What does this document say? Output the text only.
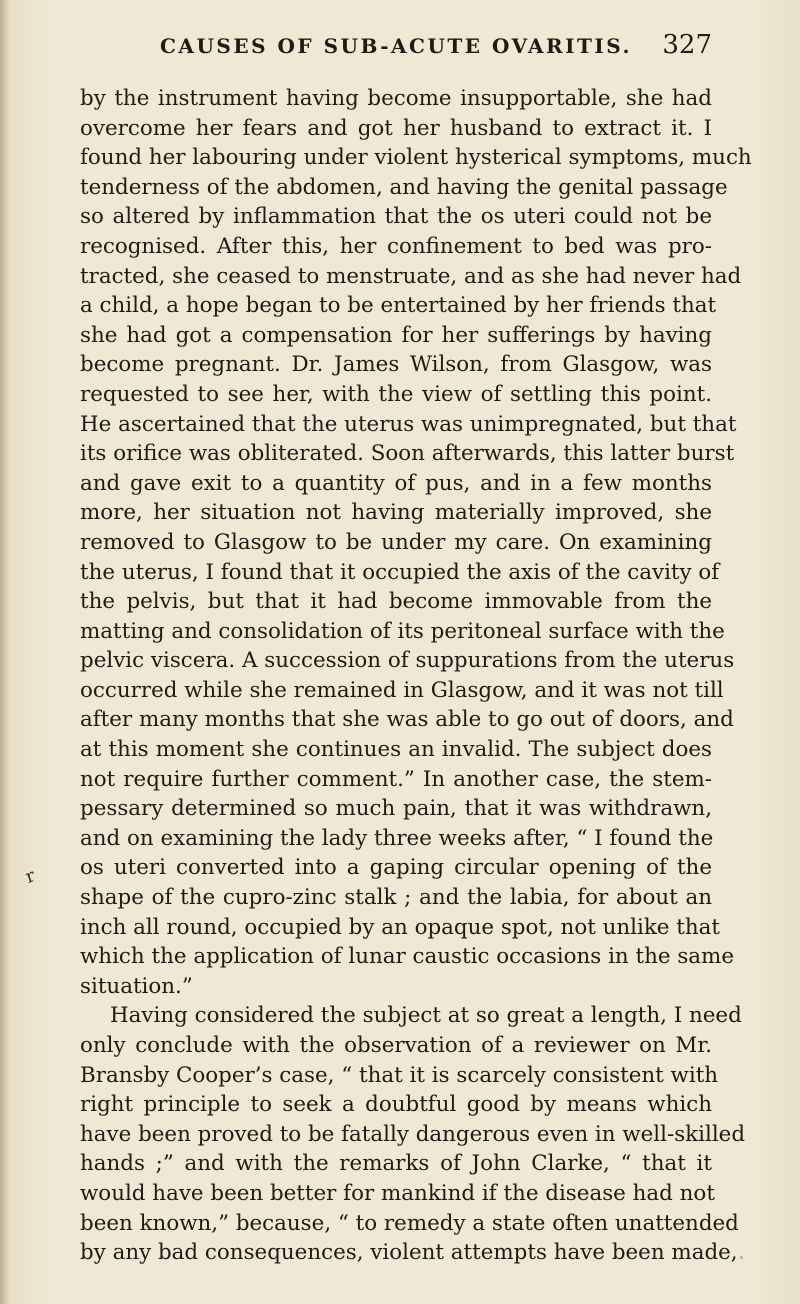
CAUSES OF SUB-ACUTE OVARITIS.	327
r
by the instrument having become insupportable, she had
overcome her fears and got her husband to extract it. I
found her labouring under violent hysterical symptoms, much
tenderness of the abdomen, and having the genital passage
so altered by inflammation that the os uteri could not be
recognised. After this, her confinement to bed was pro-
tracted, she ceased to menstruate, and as she had never had
a child, a hope began to be entertained by her friends that
she had got a compensation for her sufferings by having
become pregnant. Dr. James Wilson, from Glasgow, was
requested to see her, with the view of settling this point.
He ascertained that the uterus was unimpregnated, but that
its orifice was obliterated. Soon afterwards, this latter burst
and gave exit to a quantity of pus, and in a few months
more, her situation not having materially improved, she
removed to Glasgow to be under my care. On examining
the uterus, I found that it occupied the axis of the cavity of
the pelvis, but that it had become immovable from the
matting and consolidation of its peritoneal surface with the
pelvic viscera. A succession of suppurations from the uterus
occurred while she remained in Glasgow, and it was not till
after many months that she was able to go out of doors, and
at this moment she continues an invalid. The subject does
not require further comment.” In another case, the stem-
pessary determined so much pain, that it was withdrawn,
and on examining the lady three weeks after, “ I found the
os uteri converted into a gaping circular opening of the
shape of the cupro-zinc stalk ; and the labia, for about an
inch all round, occupied by an opaque spot, not unlike that
which the application of lunar caustic occasions in the same
situation.”
Having considered the subject at so great a length, I need
only conclude with the observation of a reviewer on Mr.
Bransby Cooper’s case, “ that it is scarcely consistent with
right principle to seek a doubtful good by means which
have been proved to be fatally dangerous even in well-skilled
hands ;” and with the remarks of John Clarke, “ that it
would have been better for mankind if the disease had not
been known,” because, “ to remedy a state often unattended
by any bad consequences, violent attempts have been made,
